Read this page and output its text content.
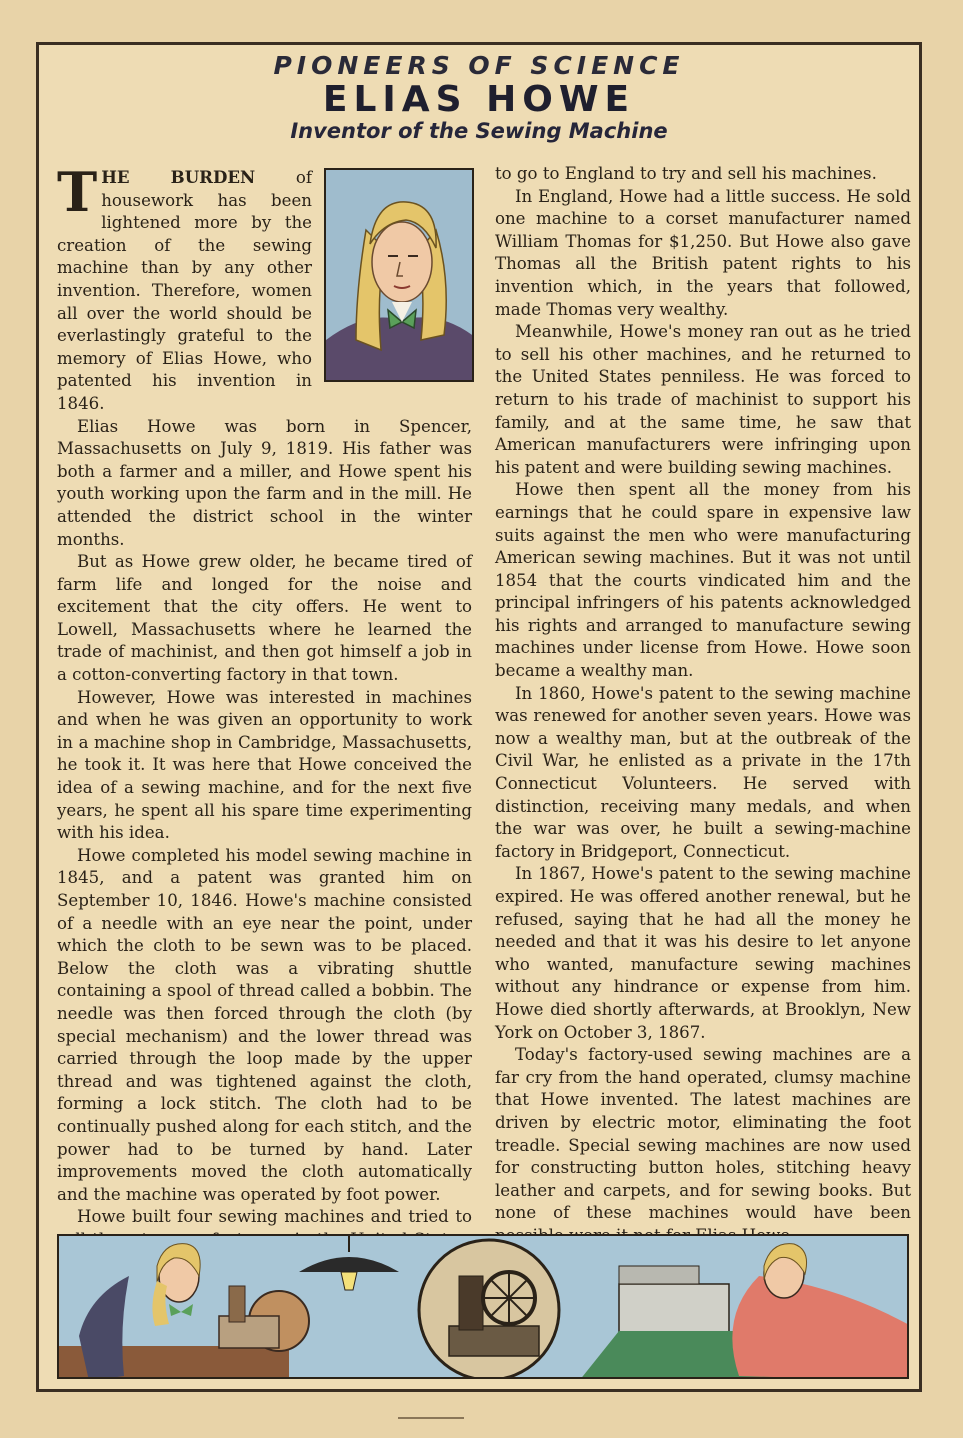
PIONEERS OF SCIENCE
ELIAS HOWE
Inventor of the Sewing Machine

THE BURDEN of housework has been lightened more by the creation of the sewing machine than by any other invention. Therefore, women all over the world should be everlastingly grateful to the memory of Elias Howe, who patented his invention in 1846.

Elias Howe was born in Spencer, Massachusetts on July 9, 1819. His father was both a farmer and a miller, and Howe spent his youth working upon the farm and in the mill. He attended the district school in the winter months.

But as Howe grew older, he became tired of farm life and longed for the noise and excitement that the city offers. He went to Lowell, Massachusetts where he learned the trade of machinist, and then got himself a job in a cotton-converting factory in that town.

However, Howe was interested in machines and when he was given an opportunity to work in a machine shop in Cambridge, Massachusetts, he took it. It was here that Howe conceived the idea of a sewing machine, and for the next five years, he spent all his spare time experimenting with his idea.

Howe completed his model sewing machine in 1845, and a patent was granted him on September 10, 1846. Howe's machine consisted of a needle with an eye near the point, under which the cloth to be sewn was to be placed. Below the cloth was a vibrating shuttle containing a spool of thread called a bobbin. The needle was then forced through the cloth (by special mechanism) and the lower thread was carried through the loop made by the upper thread and was tightened against the cloth, forming a lock stitch. The cloth had to be continually pushed along for each stitch, and the power had to be turned by hand. Later improvements moved the cloth automatically and the machine was operated by foot power.

Howe built four sewing machines and tried to

to go to England to try and sell his machines.

In England, Howe had a little success. He sold one machine to a corset manufacturer named William Thomas for $1,250. But Howe also gave Thomas all the British patent rights to his invention which, in the years that followed, made Thomas very wealthy.

Meanwhile, Howe's money ran out as he tried to sell his other machines, and he returned to the United States penniless. He was forced to return to his trade of machinist to support his family, and at the same time, he saw that American manufacturers were infringing upon his patent and were building sewing machines.

Howe then spent all the money from his earnings that he could spare in expensive law suits against the men who were manufacturing American sewing machines. But it was not until 1854 that the courts vindicated him and the principal infringers of his patents acknowledged his rights and arranged to manufacture sewing machines under license from Howe. Howe soon became a wealthy man.

In 1860, Howe's patent to the sewing machine was renewed for another seven years. Howe was now a wealthy man, but at the outbreak of the Civil War, he enlisted as a private in the 17th Connecticut Volunteers. He served with distinction, receiving many medals, and when the war was over, he built a sewing-machine factory in Bridgeport, Connecticut.

In 1867, Howe's patent to the sewing machine expired. He was offered another renewal, but he refused, saying that he had all the money he needed and that it was his desire to let anyone who wanted, manufacture sewing machines without any hindrance or expense from him. Howe died shortly afterwards, at Brooklyn, New York on October 3, 1867.

Today's factory-used sewing machines are a far cry from the hand operated, clumsy machine that Howe invented. The latest machines are driven by electric motor, eliminating the foot treadle. Special sewing machines are now used for constructing button holes, stitching heavy leather and carpets, and for sewing books. But none of these machines would have been
